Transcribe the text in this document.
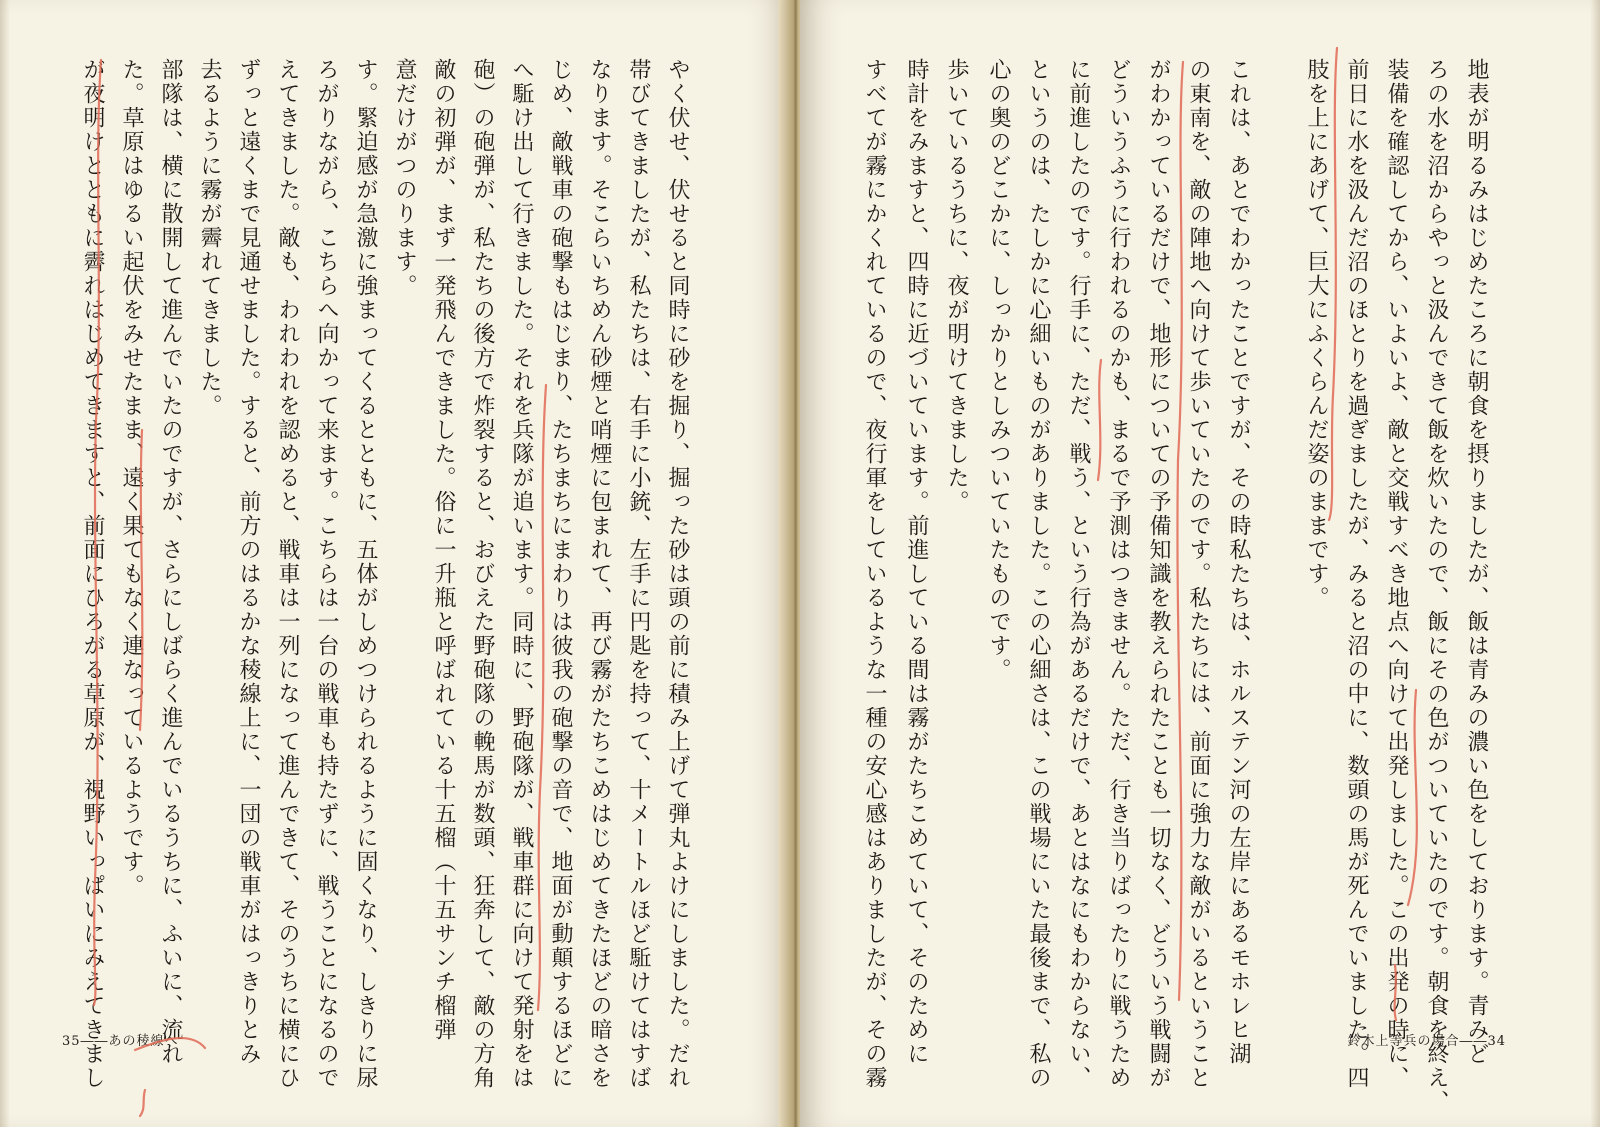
が夜明けとともに霽れはじめてきますと、前面にひろがる草原が、視野いっぱいにみえてきまし た。草原はゆるい起伏をみせたまま、遠く果てもなく連なっているようです。 部隊は、横に散開して進んでいたのですが、さらにしばらく進んでいるうちに、ふいに、流れ 去るように霧が霽れてきました。 ずっと遠くまで見通せました。すると、前方のはるかな稜線上に、一団の戦車がはっきりとみ えてきました。敵も、われわれを認めると、戦車は一列になって進んできて、そのうちに横にひ ろがりながら、こちらへ向かって来ます。こちらは一台の戦車も持たずに、戦うことになるので す。緊迫感が急激に強まってくるとともに、五体がしめつけられるように固くなり、しきりに尿 意だけがつのります。 敵の初弾が、まず一発飛んできました。俗に一升瓶と呼ばれている十五榴（十五サンチ榴弾 砲）の砲弾が、私たちの後方で炸裂すると、おびえた野砲隊の輓馬が数頭、狂奔して、敵の方角 へ駈け出して行きました。それを兵隊が追います。同時に、野砲隊が、戦車群に向けて発射をは じめ、敵戦車の砲撃もはじまり、たちまちにまわりは彼我の砲撃の音で、地面が動顛するほどに なります。そこらいちめん砂煙と哨煙に包まれて、再び霧がたちこめはじめてきたほどの暗さを 帯びてきましたが、私たちは、右手に小銃、左手に円匙を持って、十メートルほど駈けてはすば やく伏せ、伏せると同時に砂を掘り、掘った砂は頭の前に積み上げて弾丸よけにしました。だれ
35――あの稜線へ	地表が明るみはじめたころに朝食を摂りましたが、飯は青みの濃い色をしております。青みど
ろの水を沼からやっと汲んできて飯を炊いたので、飯にその色がついていたのです。朝食を終え、
装備を確認してから、いよいよ、敵と交戦すべき地点へ向けて出発しました。この出発の時に、
前日に水を汲んだ沼のほとりを過ぎましたが、みると沼の中に、数頭の馬が死んでいました。四
肢を上にあげて、巨大にふくらんだ姿のままです。
これは、あとでわかったことですが、その時私たちは、ホルステン河の左岸にあるモホレヒ湖
の東南を、敵の陣地へ向けて歩いていたのです。私たちには、前面に強力な敵がいるということ
がわかっているだけで、地形についての予備知識を教えられたことも一切なく、どういう戦闘が
どういうふうに行われるのかも、まるで予測はつきません。ただ、行き当りばったりに戦うため
に前進したのです。行手に、ただ、戦う、という行為があるだけで、あとはなにもわからない、
というのは、たしかに心細いものがありました。この心細さは、この戦場にいた最後まで、私の
心の奥のどこかに、しっかりとしみついていたものです。
歩いているうちに、夜が明けてきました。
時計をみますと、四時に近づいています。前進している間は霧がたちこめていて、そのために
すべてが霧にかくれているので、夜行軍をしているような一種の安心感はありましたが、その霧	鈴木上等兵の場合――34
